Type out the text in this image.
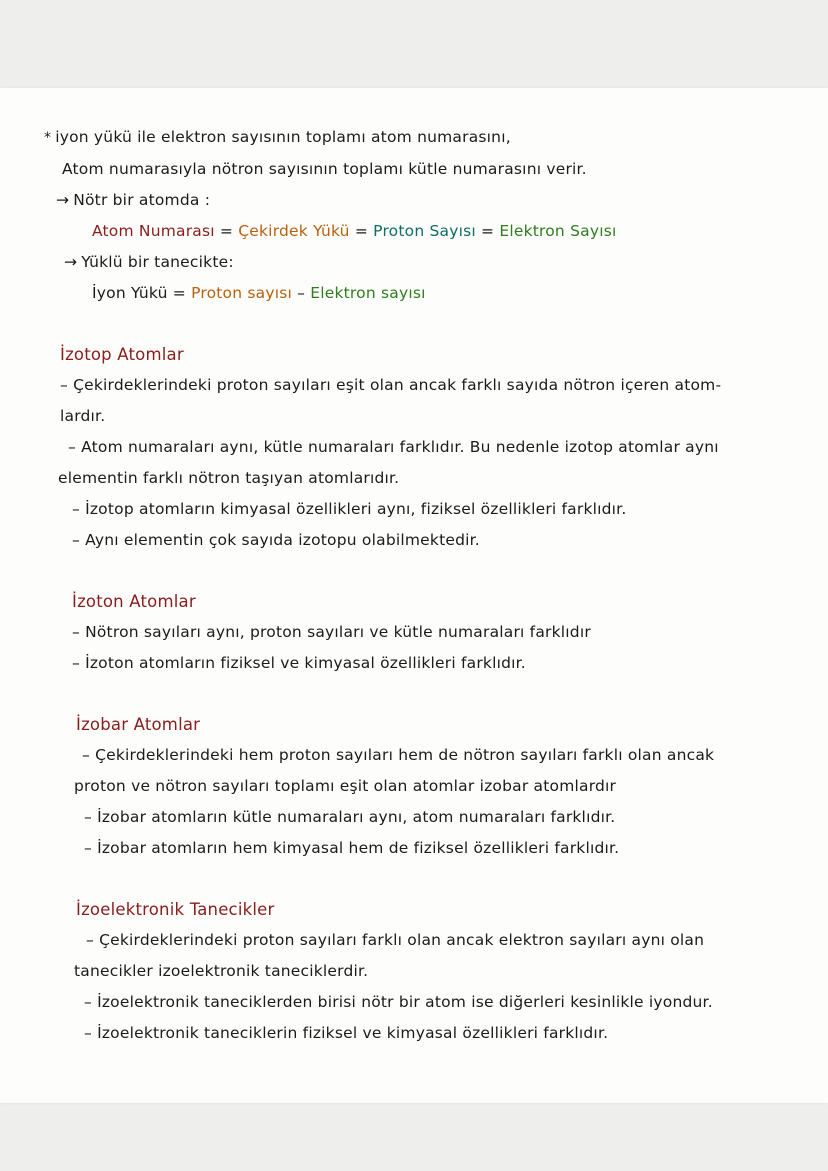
* iyon yükü ile elektron sayısının toplamı atom numarasını,
Atom numarasıyla nötron sayısının toplamı kütle numarasını verir.
→ Nötr bir atomda :
Atom Numarası = Çekirdek Yükü = Proton Sayısı = Elektron Sayısı
→ Yüklü bir tanecikte:
İyon Yükü = Proton sayısı – Elektron sayısı
İzotop Atomlar
– Çekirdeklerindeki proton sayıları eşit olan ancak farklı sayıda nötron içeren atom-
lardır.
– Atom numaraları aynı, kütle numaraları farklıdır. Bu nedenle izotop atomlar aynı
elementin farklı nötron taşıyan atomlarıdır.
– İzotop atomların kimyasal özellikleri aynı, fiziksel özellikleri farklıdır.
– Aynı elementin çok sayıda izotopu olabilmektedir.
İzoton Atomlar
– Nötron sayıları aynı, proton sayıları ve kütle numaraları farklıdır
– İzoton atomların fiziksel ve kimyasal özellikleri farklıdır.
İzobar Atomlar
– Çekirdeklerindeki hem proton sayıları hem de nötron sayıları farklı olan ancak
proton ve nötron sayıları toplamı eşit olan atomlar izobar atomlardır
– İzobar atomların kütle numaraları aynı, atom numaraları farklıdır.
– İzobar atomların hem kimyasal hem de fiziksel özellikleri farklıdır.
İzoelektronik Tanecikler
– Çekirdeklerindeki proton sayıları farklı olan ancak elektron sayıları aynı olan
tanecikler izoelektronik taneciklerdir.
– İzoelektronik taneciklerden birisi nötr bir atom ise diğerleri kesinlikle iyondur.
– İzoelektronik taneciklerin fiziksel ve kimyasal özellikleri farklıdır.
